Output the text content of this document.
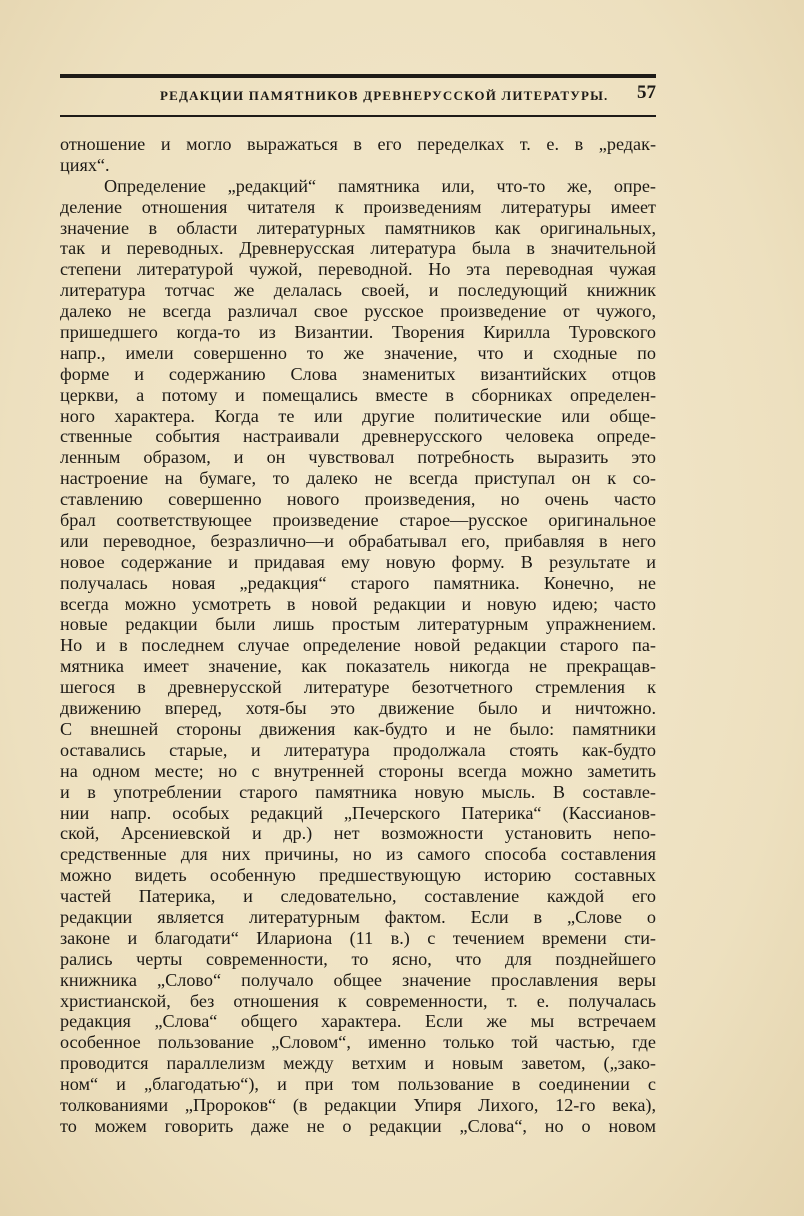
РЕДАКЦИИ ПАМЯТНИКОВ ДРЕВНЕРУССКОЙ ЛИТЕРАТУРЫ. 57
отношение и могло выражаться в его переделках т. е. в „редак-
циях“.
Определение „редакций“ памятника или, что-то же, опре-
деление отношения читателя к произведениям литературы имеет
значение в области литературных памятников как оригинальных,
так и переводных. Древнерусская литература была в значительной
степени литературой чужой, переводной. Но эта переводная чужая
литература тотчас же делалась своей, и последующий книжник
далеко не всегда различал свое русское произведение от чужого,
пришедшего когда-то из Византии. Творения Кирилла Туровского
напр., имели совершенно то же значение, что и сходные по
форме и содержанию Слова знаменитых византийских отцов
церкви, а потому и помещались вместе в сборниках определен-
ного характера. Когда те или другие политические или обще-
ственные события настраивали древнерусского человека опреде-
ленным образом, и он чувствовал потребность выразить это
настроение на бумаге, то далеко не всегда приступал он к со-
ставлению совершенно нового произведения, но очень часто
брал соответствующее произведение старое—русское оригинальное
или переводное, безразлично—и обрабатывал его, прибавляя в него
новое содержание и придавая ему новую форму. В результате и
получалась новая „редакция“ старого памятника. Конечно, не
всегда можно усмотреть в новой редакции и новую идею; часто
новые редакции были лишь простым литературным упражнением.
Но и в последнем случае определение новой редакции старого па-
мятника имеет значение, как показатель никогда не прекращав-
шегося в древнерусской литературе безотчетного стремления к
движению вперед, хотя-бы это движение было и ничтожно.
С внешней стороны движения как-будто и не было: памятники
оставались старые, и литература продолжала стоять как-будто
на одном месте; но с внутренней стороны всегда можно заметить
и в употреблении старого памятника новую мысль. В составле-
нии напр. особых редакций „Печерского Патерика“ (Кассианов-
ской, Арсениевской и др.) нет возможности установить непо-
средственные для них причины, но из самого способа составления
можно видеть особенную предшествующую историю составных
частей Патерика, и следовательно, составление каждой его
редакции является литературным фактом. Если в „Слове о
законе и благодати“ Илариона (11 в.) с течением времени сти-
рались черты современности, то ясно, что для позднейшего
книжника „Слово“ получало общее значение прославления веры
христианской, без отношения к современности, т. е. получалась
редакция „Слова“ общего характера. Если же мы встречаем
особенное пользование „Словом“, именно только той частью, где
проводится параллелизм между ветхим и новым заветом, („зако-
ном“ и „благодатью“), и при том пользование в соединении с
толкованиями „Пророков“ (в редакции Упиря Лихого, 12-го века),
то можем говорить даже не о редакции „Слова“, но о новом
